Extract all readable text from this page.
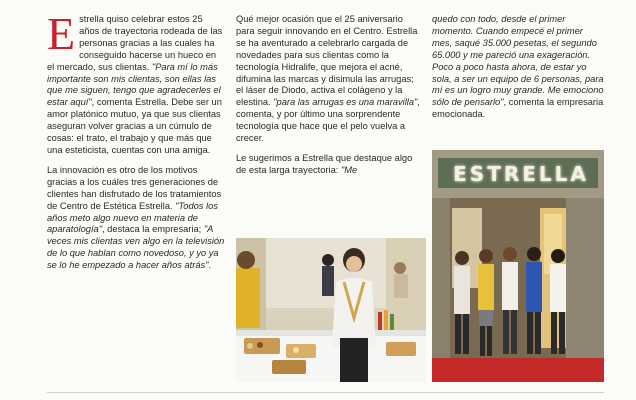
Estrella quiso celebrar estos 25 años de trayectoria rodeada de las personas gracias a las cuales ha conseguido hacerse un hueco en el mercado, sus clientas. "Para mí lo más importante son mis clientas, son ellas las que me siguen, tengo que agradecerles el estar aquí", comenta Estrella. Debe ser un amor platónico mutuo, ya que sus clientas aseguran volver gracias a un cúmulo de cosas: el trato, el trabajo y que más que una esteticista, cuentas con una amiga.

La innovación es otro de los motivos gracias a los cuáles tres generaciones de clientes han disfrutado de los tratamientos de Centro de Estética Estrella. "Todos los años meto algo nuevo en materia de aparatología", destaca la empresaria; "A veces mis clientas ven algo en la televisión de lo que hablan como novedoso, y yo ya se lo he empezado a hacer años atrás".

Qué mejor ocasión que el 25 aniversario para seguir innovando en el Centro. Estrella se ha aventurado a celebrarlo cargada de novedades para sus clientas como la tecnología Hidralife, que mejora el acné, difumina las marcas y disimula las arrugas; el láser de Diodo, activa el colágeno y la elestina. "para las arrugas es una maravilla", comenta, y por último una sorprendente tecnología que hace que el pelo vuelva a crecer.

Le sugerimos a Estrella que destaque algo de esta larga trayectoria: "Me

quedo con todo, desde el primer momento. Cuando empecé el primer mes, saqué 35.000 pesetas, el segundo 65.000 y me pareció una exageración. Poco a poco hasta ahora, de estar yo sola, a ser un equipo de 6 personas, para mí es un logro muy grande. Me emociono sólo de pensarlo", comenta la empresaria emocionada.

ESTRELLA
